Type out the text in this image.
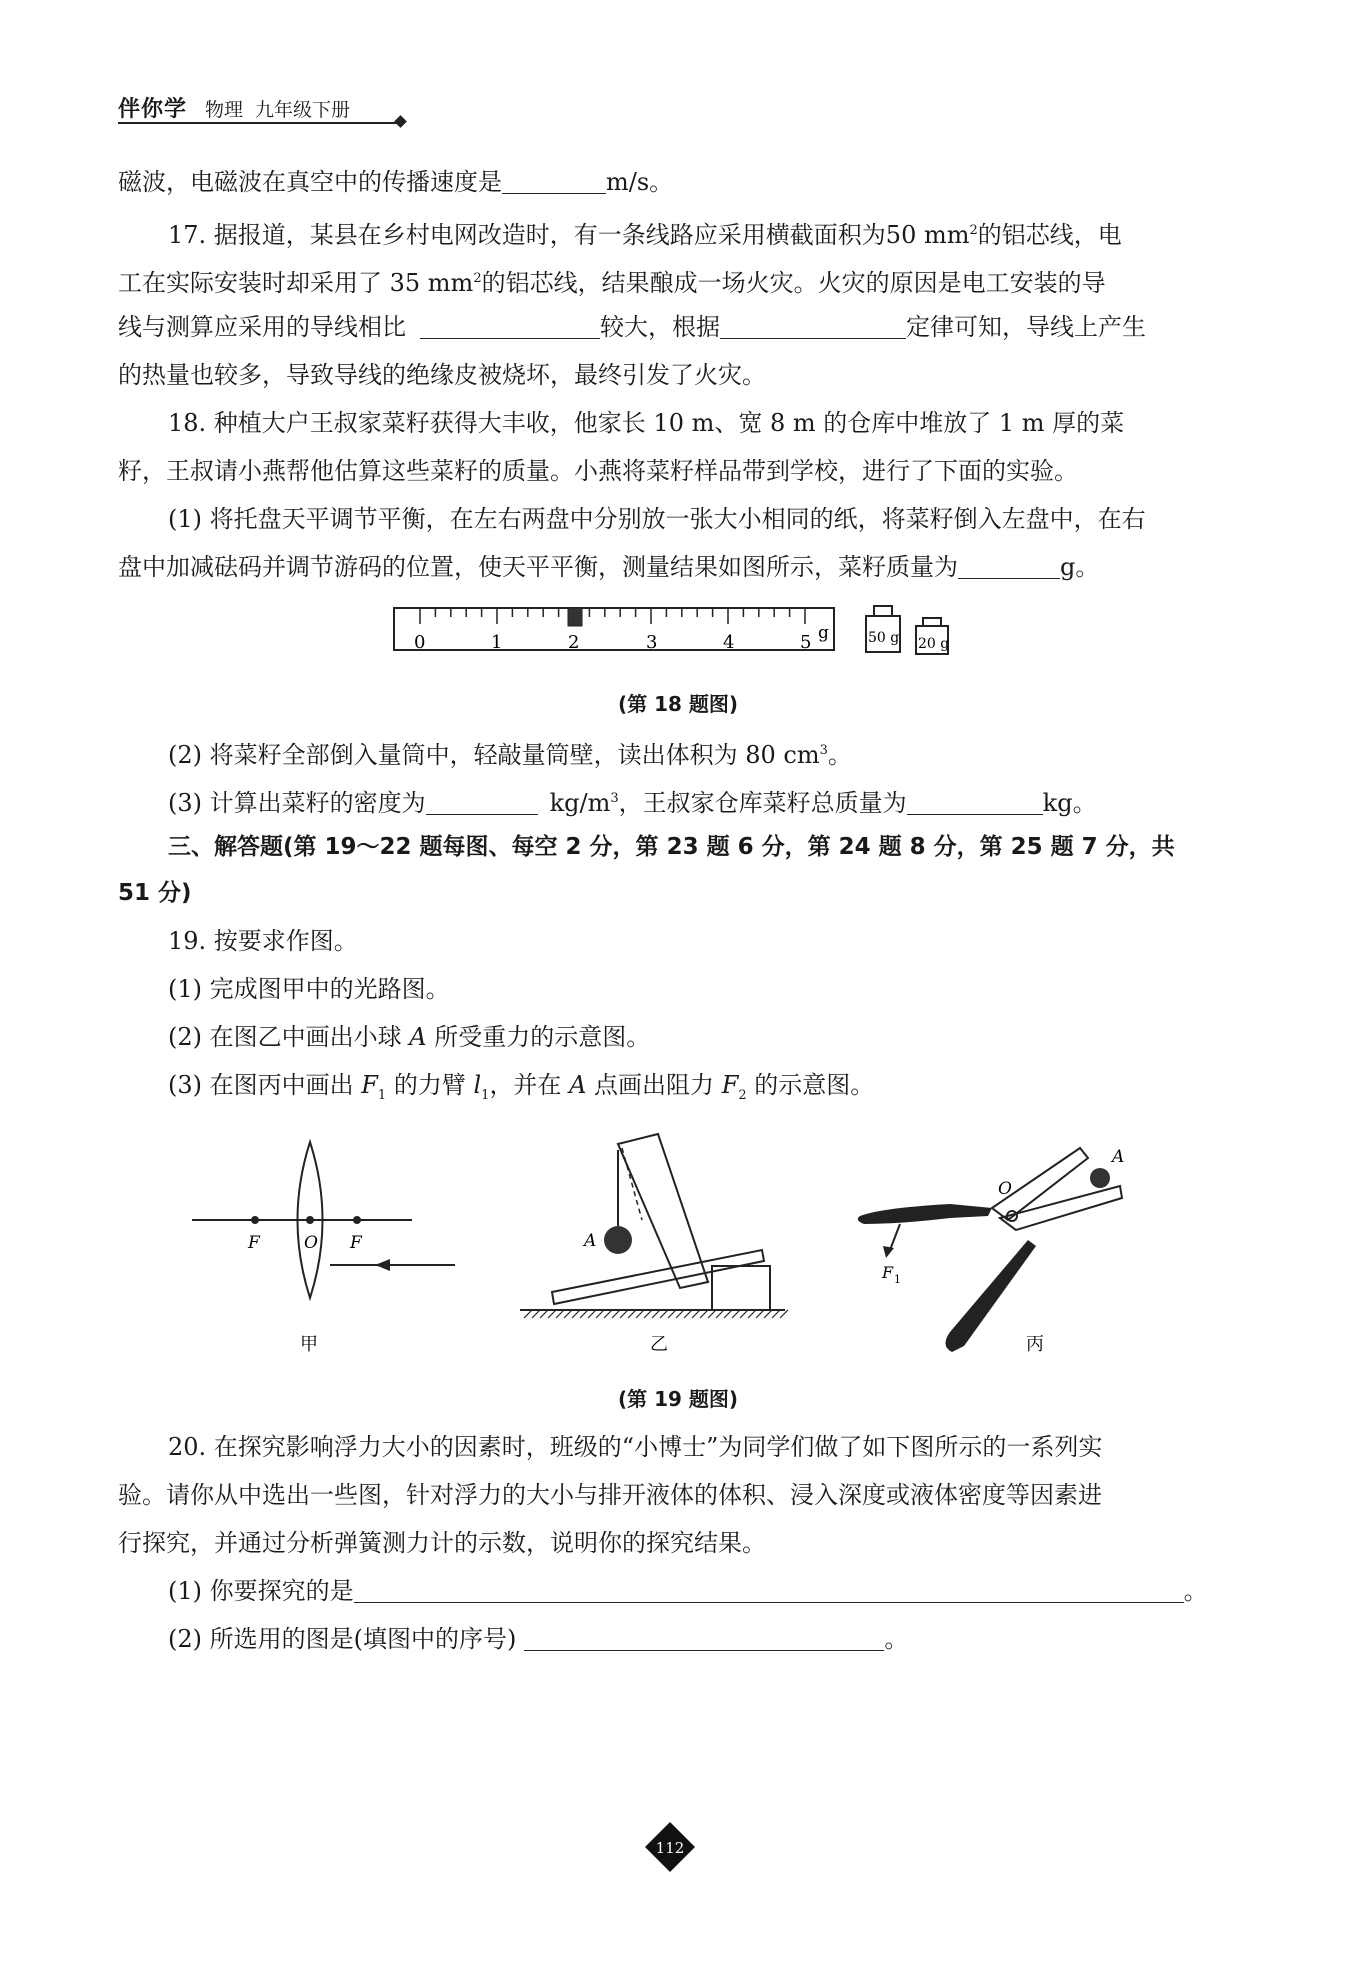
伴你学 物理 九年级下册
磁波，电磁波在真空中的传播速度是	m/s。
17. 据报道，某县在乡村电网改造时，有一条线路应采用横截面积为50 $mm^2$的铝芯线，电
工在实际安装时却采用了 35 $mm^2$的铝芯线，结果酿成一场火灾。火灾的原因是电工安装的导
线与测算应采用的导线相比	较大，根据	定律可知，导线上产生
的热量也较多，导致导线的绝缘皮被烧坏，最终引发了火灾。
18. 种植大户王叔家菜籽获得大丰收，他家长 10 m、宽 8 m 的仓库中堆放了 1 m 厚的菜
籽，王叔请小燕帮他估算这些菜籽的质量。小燕将菜籽样品带到学校，进行了下面的实验。
(1) 将托盘天平调节平衡，在左右两盘中分别放一张大小相同的纸，将菜籽倒入左盘中，在右
盘中加减砝码并调节游码的位置，使天平平衡，测量结果如图所示，菜籽质量为	g。
0	1	2	3	4	5 g	50 g 20 g
(第 18 题图)
(2) 将菜籽全部倒入量筒中，轻敲量筒壁，读出体积为 80 $cm^3$。
(3) 计算出菜籽的密度为	$kg/m^3$，王叔家仓库菜籽总质量为	kg。
三、解答题(第 19～22 题每图、每空 2 分，第 23 题 6 分，第 24 题 8 分，第 25 题 7 分，共
51 分)
19. 按要求作图。
(1) 完成图甲中的光路图。
(2) 在图乙中画出小球 A 所受重力的示意图。
(3) 在图丙中画出 $F_1$ 的力臂 $l_1$，并在 A 点画出阻力 $F_2$ 的示意图。
F	O F
甲
A
乙
O
A
F 1
丙
(第 19 题图)
20. 在探究影响浮力大小的因素时，班级的“小博士”为同学们做了如下图所示的一系列实
验。请你从中选出一些图，针对浮力的大小与排开液体的体积、浸入深度或液体密度等因素进
行探究，并通过分析弹簧测力计的示数，说明你的探究结果。
(1) 你要探究的是	。
(2) 所选用的图是(填图中的序号)	。
112
